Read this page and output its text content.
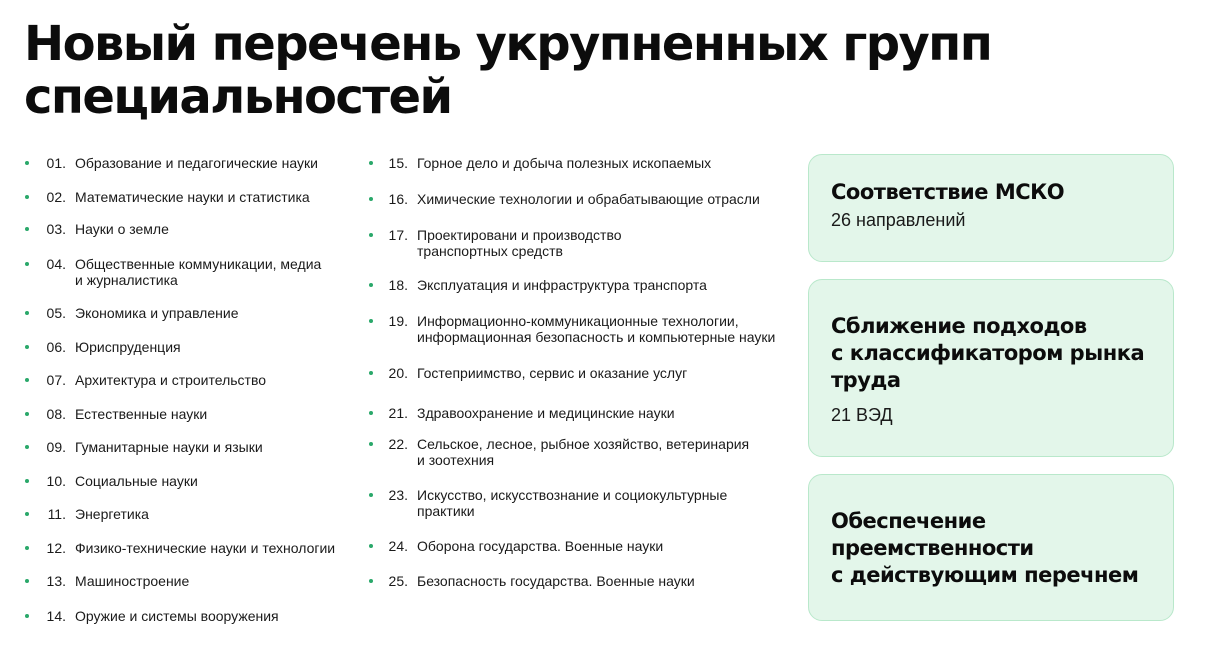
Новый перечень укрупненных групп специальностей
01. Образование и педагогические науки
02. Математические науки и статистика
03. Науки о земле
04. Общественные коммуникации, медиа
и журналистика
05. Экономика и управление
06. Юриспруденция
07. Архитектура и строительство
08. Естественные науки
09. Гуманитарные науки и языки
10. Социальные науки
11. Энергетика
12. Физико-технические науки и технологии
13. Машиностроение
14. Оружие и системы вооружения
15. Горное дело и добыча полезных ископаемых
16. Химические технологии и обрабатывающие отрасли
17. Проектировани и производство
транспортных средств
18. Эксплуатация и инфраструктура транспорта
19. Информационно-коммуникационные технологии,
информационная безопасность и компьютерные науки
20. Гостеприимство, сервис и оказание услуг
21. Здравоохранение и медицинские науки
22. Сельское, лесное, рыбное хозяйство, ветеринария
и зоотехния
23. Искусство, искусствознание и социокультурные
практики
24. Оборона государства. Военные науки
25. Безопасность государства. Военные науки
Соответствие МСКО
26 направлений
Сближение подходов
с классификатором рынка
труда
21 ВЭД
Обеспечение
преемственности
с действующим перечнем
